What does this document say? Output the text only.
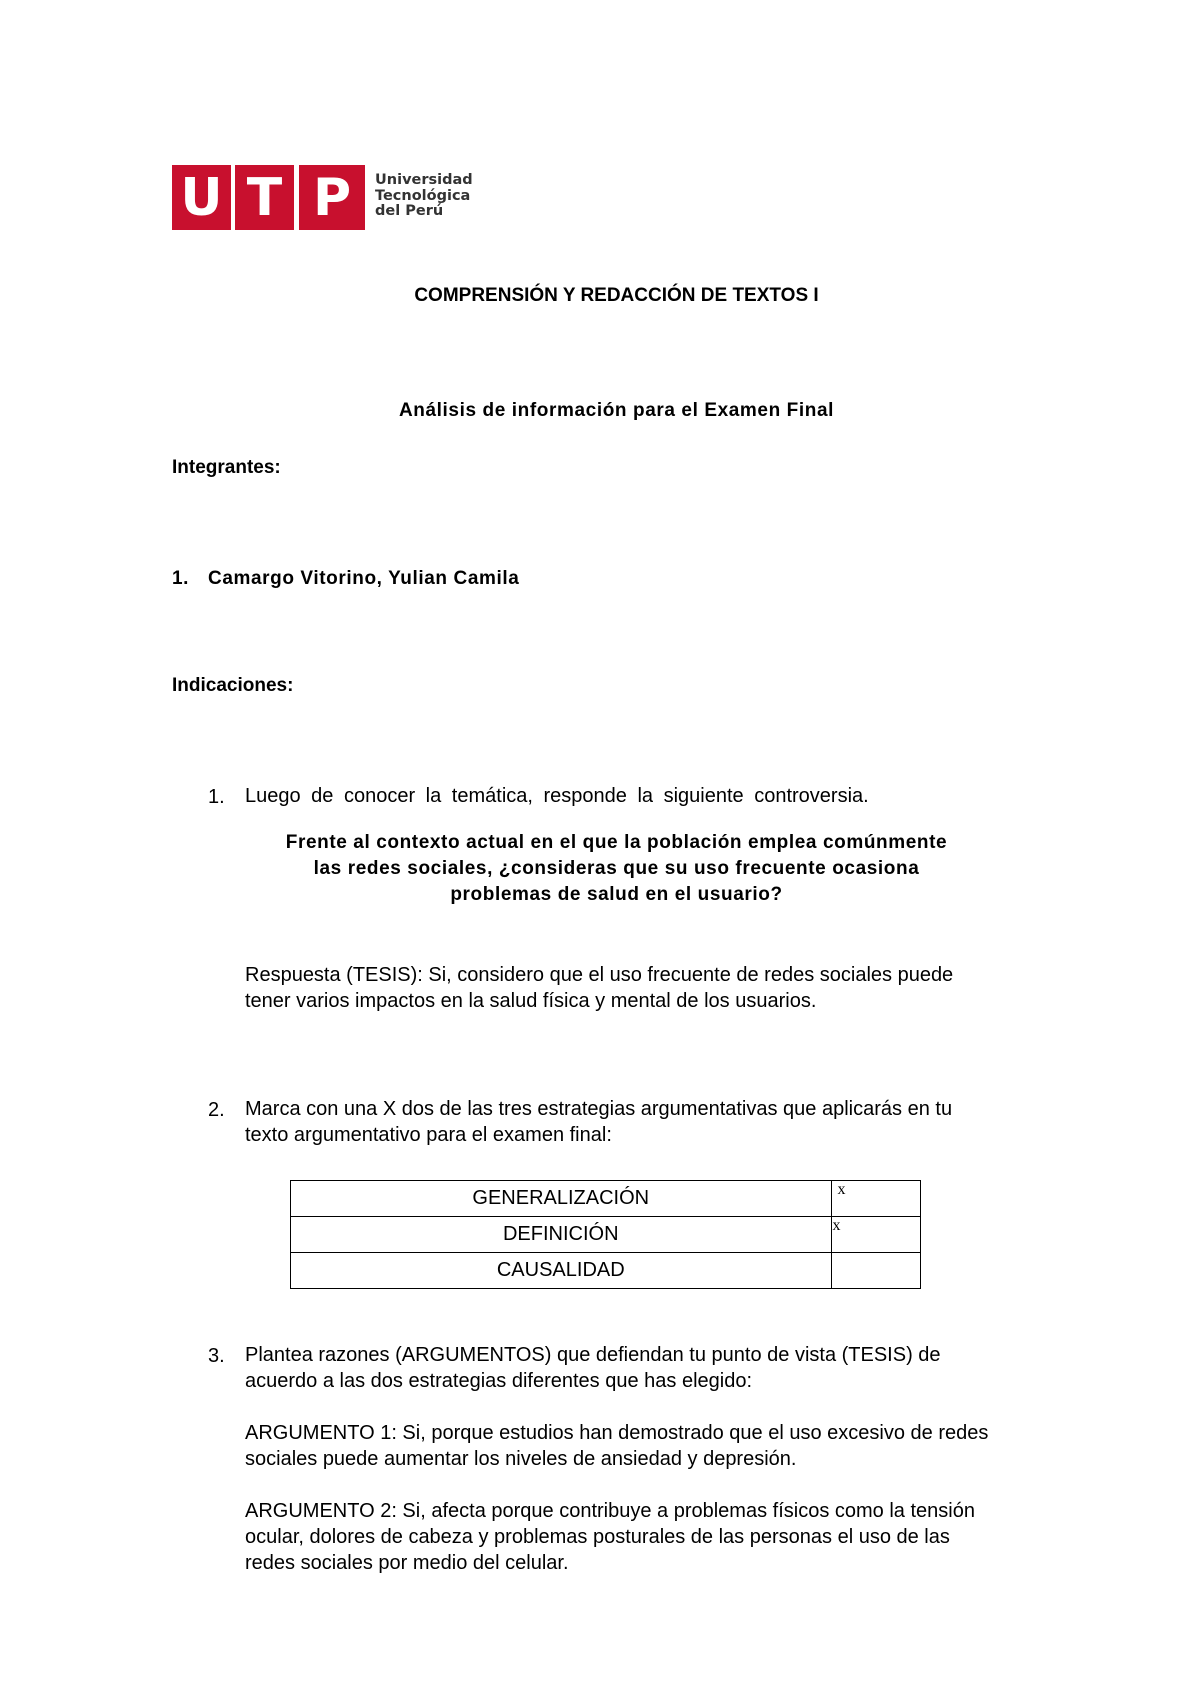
U T P	Universidad
Tecnológica
del Perú
COMPRENSIÓN Y REDACCIÓN DE TEXTOS I
Análisis de información para el Examen Final
Integrantes:
1. Camargo Vitorino, Yulian Camila
Indicaciones:
1. Luego de conocer la temática, responde la siguiente controversia.
Frente al contexto actual en el que la población emplea comúnmente
las redes sociales, ¿consideras que su uso frecuente ocasiona
problemas de salud en el usuario?
Respuesta (TESIS): Si, considero que el uso frecuente de redes sociales puede
tener varios impactos en la salud física y mental de los usuarios.
2. Marca con una X dos de las tres estrategias argumentativas que aplicarás en tu
texto argumentativo para el examen final:
GENERALIZACIÓN	x
DEFINICIÓN	x
CAUSALIDAD	
3. Plantea razones (ARGUMENTOS) que defiendan tu punto de vista (TESIS) de
acuerdo a las dos estrategias diferentes que has elegido:
ARGUMENTO 1: Si, porque estudios han demostrado que el uso excesivo de redes
sociales puede aumentar los niveles de ansiedad y depresión.
ARGUMENTO 2: Si, afecta porque contribuye a problemas físicos como la tensión
ocular, dolores de cabeza y problemas posturales de las personas el uso de las
redes sociales por medio del celular.
